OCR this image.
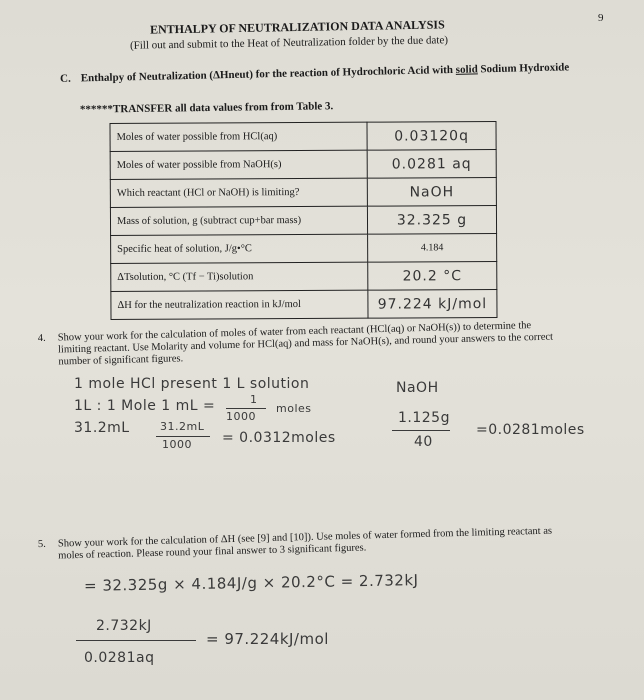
9
ENTHALPY OF NEUTRALIZATION DATA ANALYSIS
(Fill out and submit to the Heat of Neutralization folder by the due date)
C. Enthalpy of Neutralization (ΔHneut) for the reaction of Hydrochloric Acid with solid Sodium Hydroxide
******TRANSFER all data values from from Table 3.
Moles of water possible from HCl(aq)	0.03120q
Moles of water possible from NaOH(s)	0.0281 aq
Which reactant (HCl or NaOH) is limiting?	NaOH
Mass of solution, g (subtract cup+bar mass)	32.325 g
Specific heat of solution, J/g•°C	4.184
ΔTsolution, °C (Tf − Ti)solution	20.2 °C
ΔH for the neutralization reaction in kJ/mol	97.224 kJ/mol
4. Show your work for the calculation of moles of water from each reactant (HCl(aq) or NaOH(s)) to determine the limiting reactant. Use Molarity and volume for HCl(aq) and mass for NaOH(s), and round your answers to the correct number of significant figures.
1 mole HCl present 1 L solution
1L : 1 Mole 1 mL =	1
1000
moles
31.2mL	31.2mL
1000 = 0.0312moles
NaOH
1.125g
40
=0.0281moles
5. Show your work for the calculation of ΔH (see [9] and [10]). Use moles of water formed from the limiting reactant as moles of reaction. Please round your final answer to 3 significant figures.
= 32.325g × 4.184J/g × 20.2°C = 2.732kJ
2.732kJ
0.0281aq
= 97.224kJ/mol
